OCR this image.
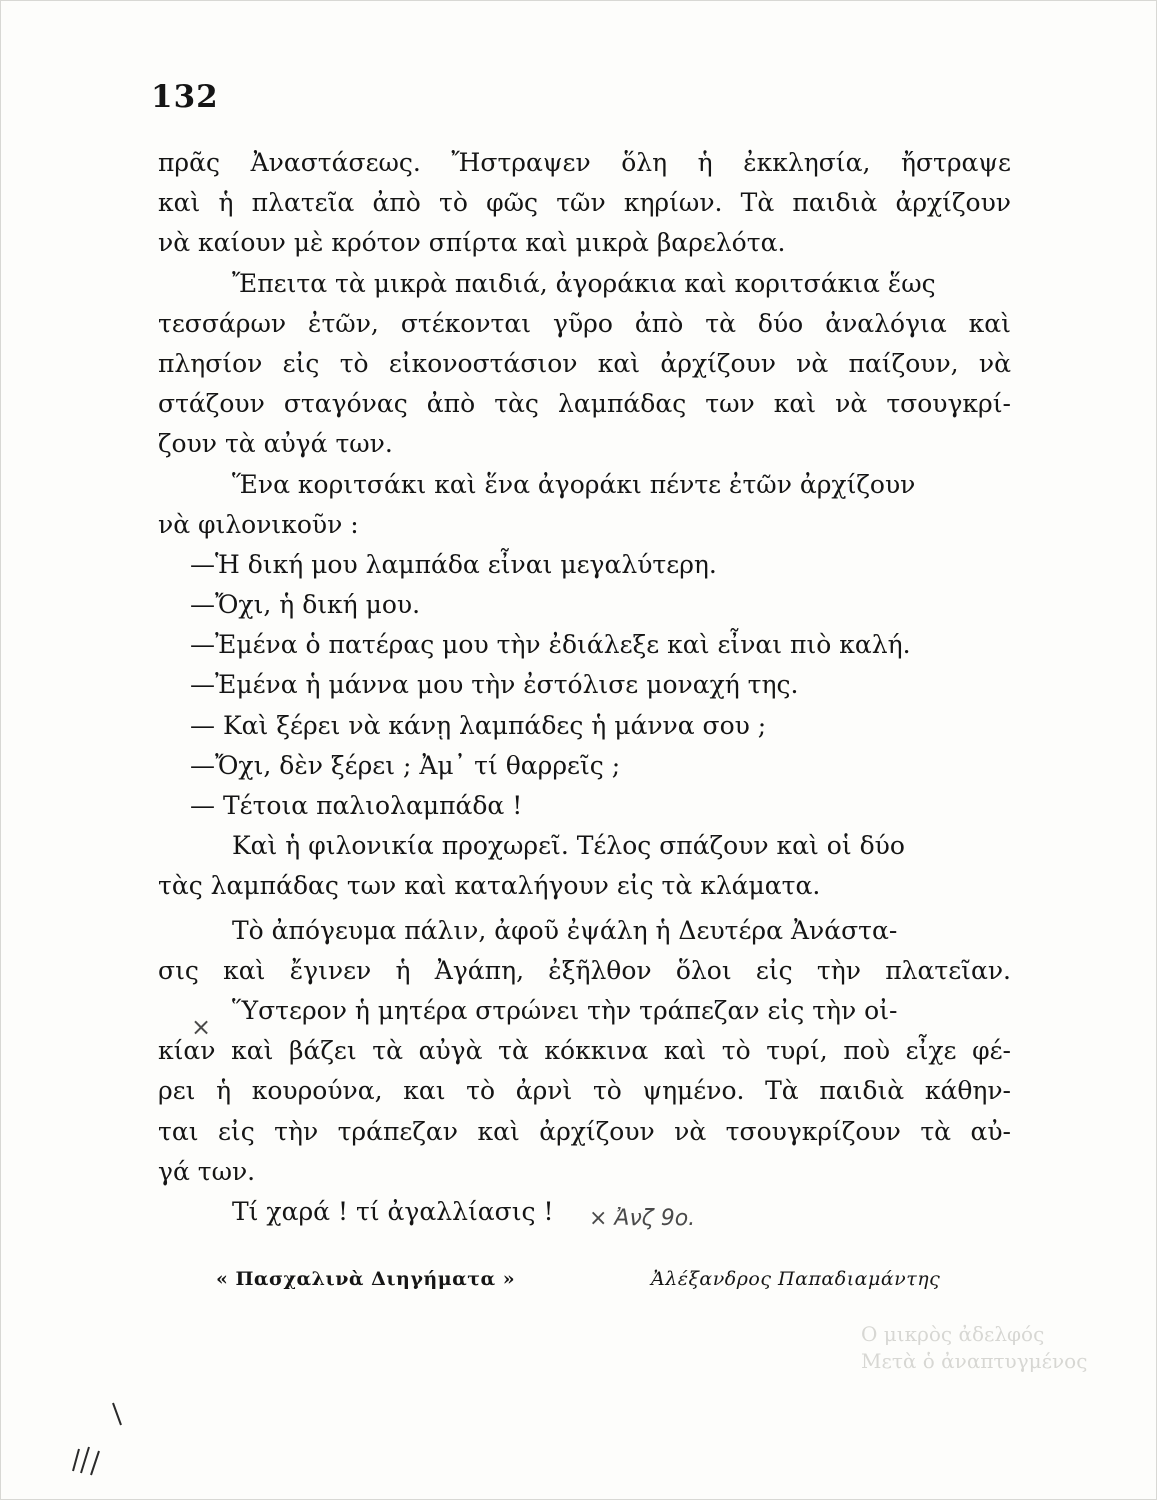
132
πρᾶς Ἀναστάσεως. Ἤστραψεν ὅλη ἡ ἐκκλησία, ἤστραψε
καὶ ἡ πλατεῖα ἀπὸ τὸ φῶς τῶν κηρίων. Τὰ παιδιὰ ἀρχίζουν
νὰ καίουν μὲ κρότον σπίρτα καὶ μικρὰ βαρελότα.
Ἔπειτα τὰ μικρὰ παιδιά, ἀγοράκια καὶ κοριτσάκια ἕως
τεσσάρων ἐτῶν, στέκονται γῦρο ἀπὸ τὰ δύο ἀναλόγια καὶ
πλησίον εἰς τὸ εἰκονοστάσιον καὶ ἀρχίζουν νὰ παίζουν, νὰ
στάζουν σταγόνας ἀπὸ τὰς λαμπάδας των καὶ νὰ τσουγκρί-
ζουν τὰ αὐγά των.
Ἕνα κοριτσάκι καὶ ἕνα ἀγοράκι πέντε ἐτῶν ἀρχίζουν
νὰ φιλονικοῦν :
—Ἡ δική μου λαμπάδα εἶναι μεγαλύτερη.
—Ὄχι, ἡ δική μου.
—Ἐμένα ὁ πατέρας μου τὴν ἐδιάλεξε καὶ εἶναι πιὸ καλή.
—Ἐμένα ἡ μάννα μου τὴν ἐστόλισε μοναχή της.
— Καὶ ξέρει νὰ κάνῃ λαμπάδες ἡ μάννα σου ;
—Ὄχι, δὲν ξέρει ; Ἀμ᾽ τί θαρρεῖς ;
— Τέτοια παλιολαμπάδα !
Καὶ ἡ φιλονικία προχωρεῖ. Τέλος σπάζουν καὶ οἱ δύο
τὰς λαμπάδας των καὶ καταλήγουν εἰς τὰ κλάματα.
Τὸ ἀπόγευμα πάλιν, ἀφοῦ ἐψάλη ἡ Δευτέρα Ἀνάστα-
σις καὶ ἔγινεν ἡ Ἀγάπη, ἐξῆλθον ὅλοι εἰς τὴν πλατεῖαν.
Ὕστερον ἡ μητέρα στρώνει τὴν τράπεζαν εἰς τὴν οἰ-
κίαν καὶ βάζει τὰ αὐγὰ τὰ κόκκινα καὶ τὸ τυρί, ποὺ εἶχε φέ-
ρει ἡ κουρούνα, και τὸ ἀρνὶ τὸ ψημένο. Τὰ παιδιὰ κάθην-
ται εἰς τὴν τράπεζαν καὶ ἀρχίζουν νὰ τσουγκρίζουν τὰ αὐ-
γά των.
Τί χαρά ! τί ἀγαλλίασις !
« Πασχαλινὰ Διηγήματα »	Ἀλέξανδρος Παπαδιαμάντης
×
× Ἀνζ 9ο.
Ο μικρὸς ἀδελφός
Μετὰ ὁ ἀναπτυγμένος
